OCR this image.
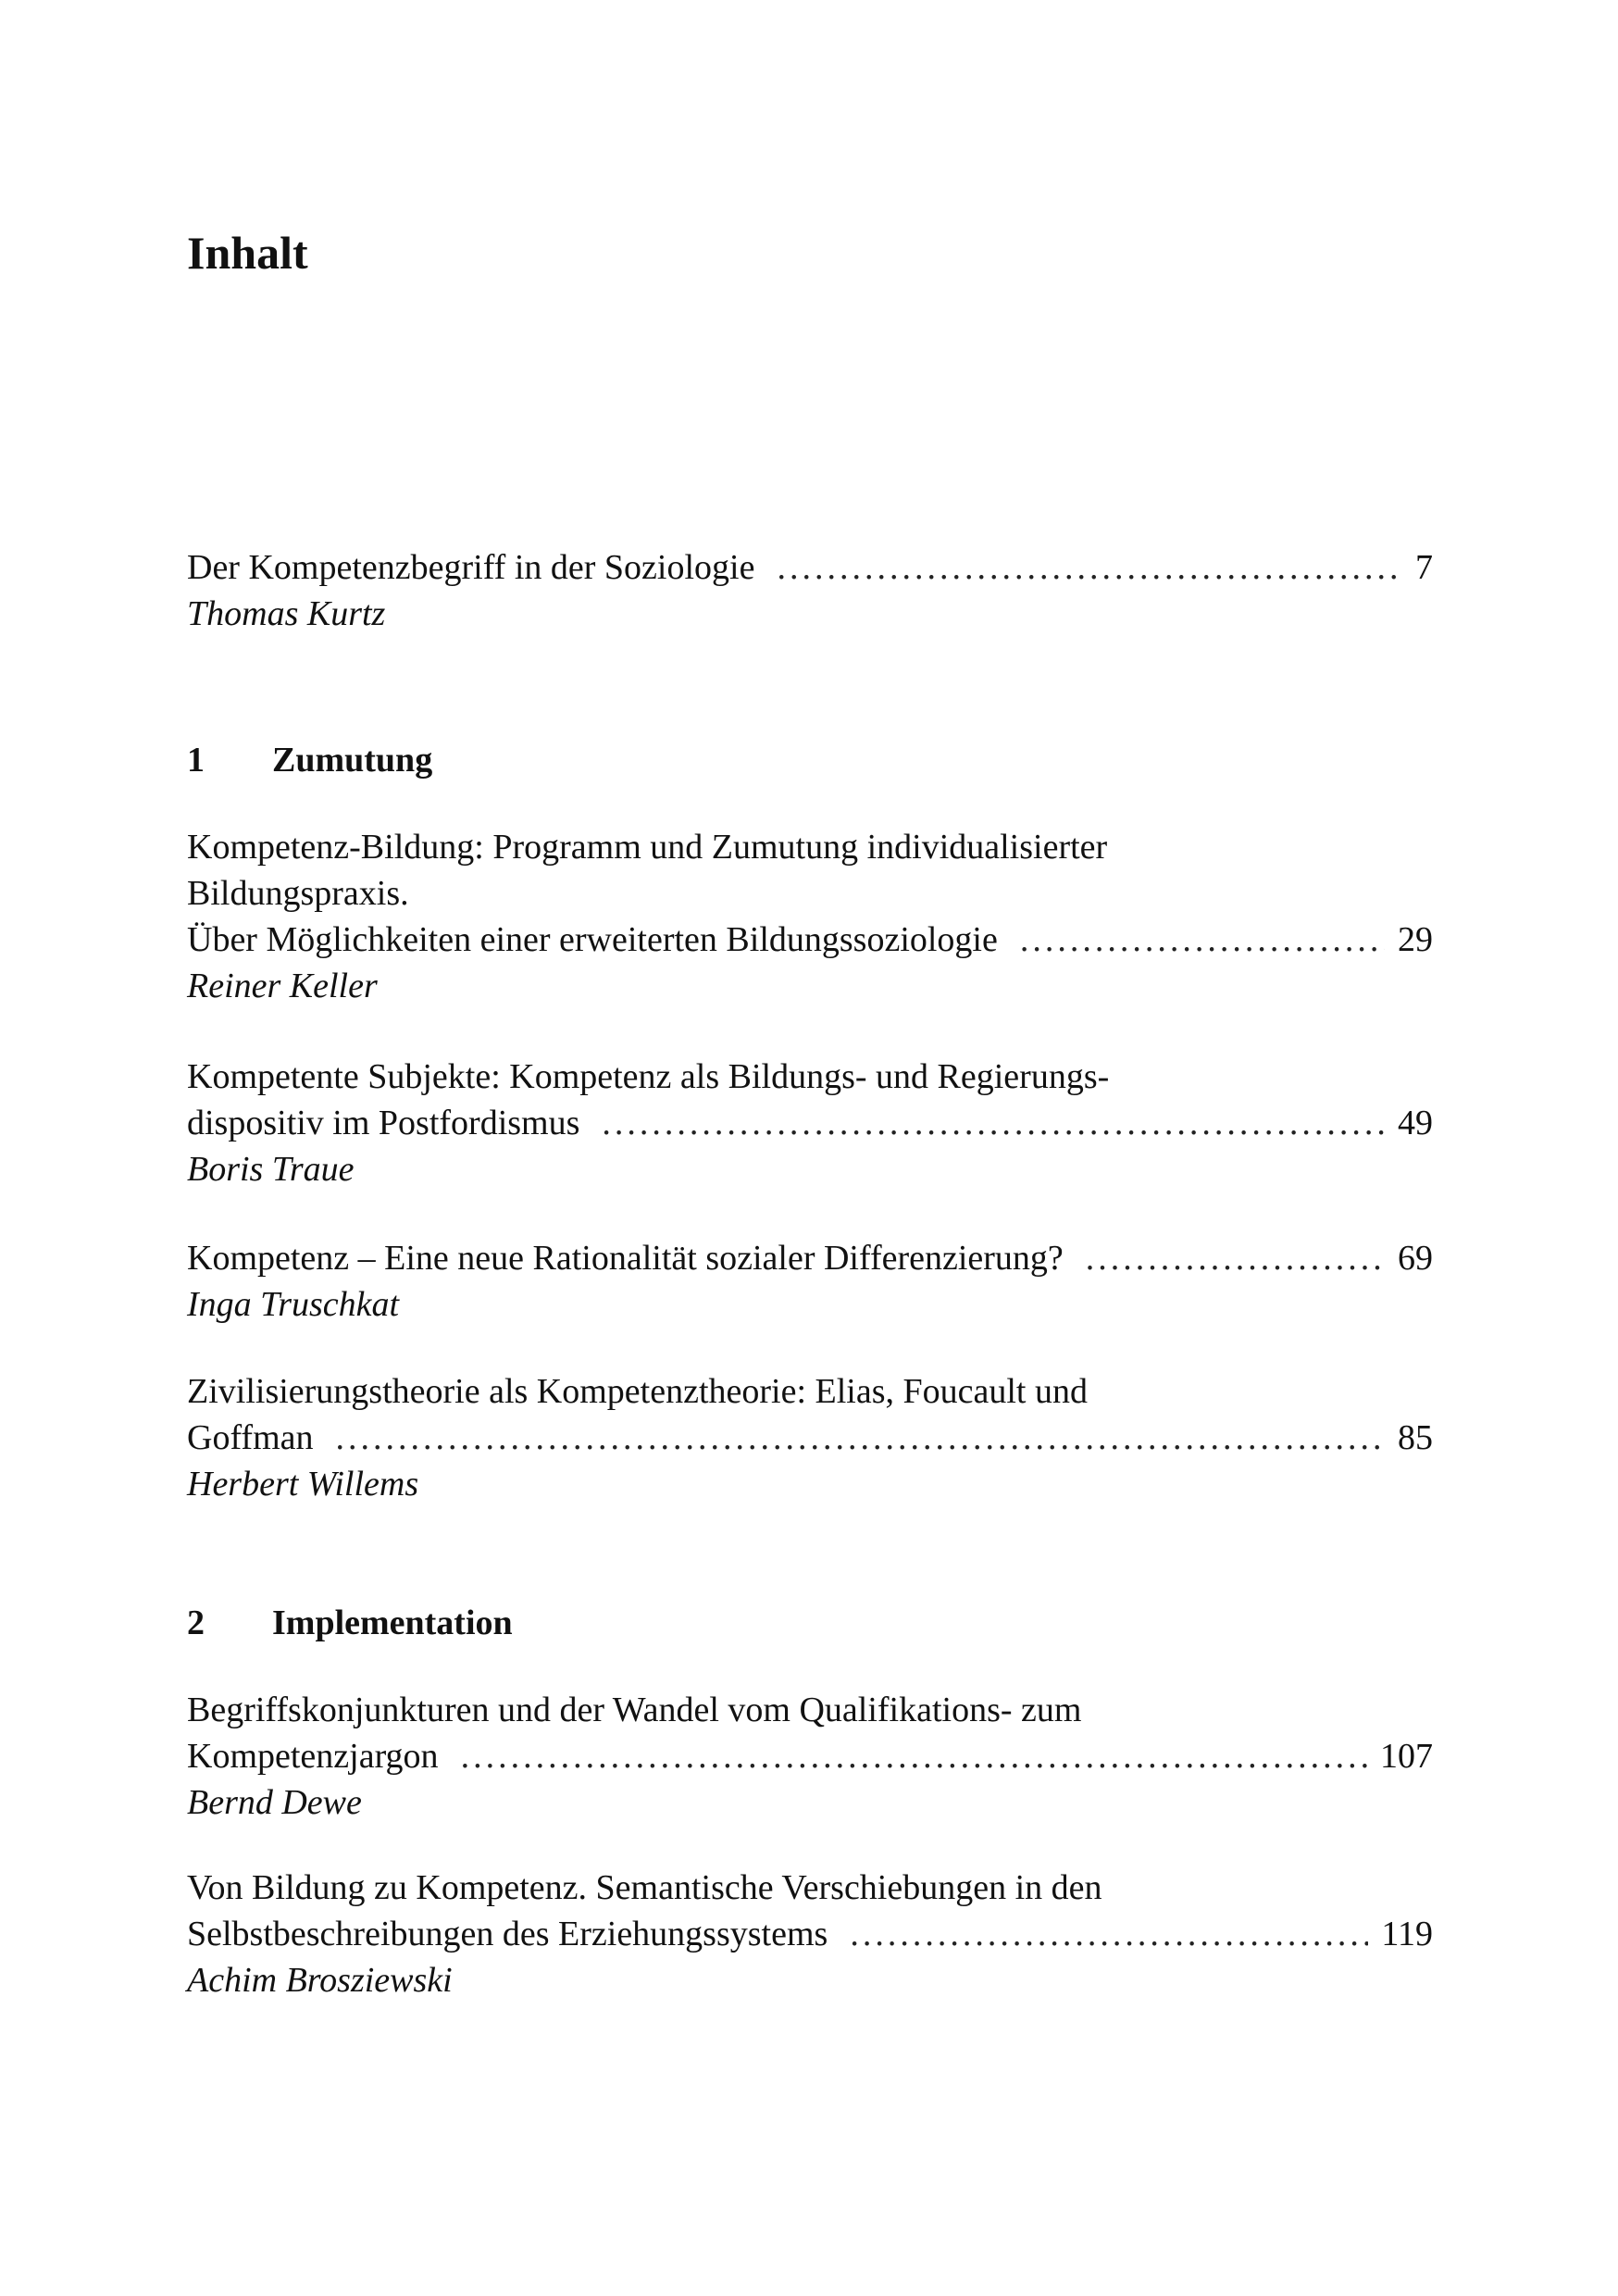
Inhalt
Der Kompetenzbegriff in der Soziologie .....	7
Thomas Kurtz
1	Zumutung
Kompetenz-Bildung: Programm und Zumutung individualisierter
Bildungspraxis.
Über Möglichkeiten einer erweiterten Bildungssoziologie .....	29
Reiner Keller
Kompetente Subjekte: Kompetenz als Bildungs- und Regierungs-
dispositiv im Postfordismus .....	49
Boris Traue
Kompetenz – Eine neue Rationalität sozialer Differenzierung? .....	69
Inga Truschkat
Zivilisierungstheorie als Kompetenztheorie: Elias, Foucault und
Goffman .....	85
Herbert Willems
2	Implementation
Begriffskonjunkturen und der Wandel vom Qualifikations- zum
Kompetenzjargon .....	107
Bernd Dewe
Von Bildung zu Kompetenz. Semantische Verschiebungen in den
Selbstbeschreibungen des Erziehungssystems .....	119
Achim Brosziewski
